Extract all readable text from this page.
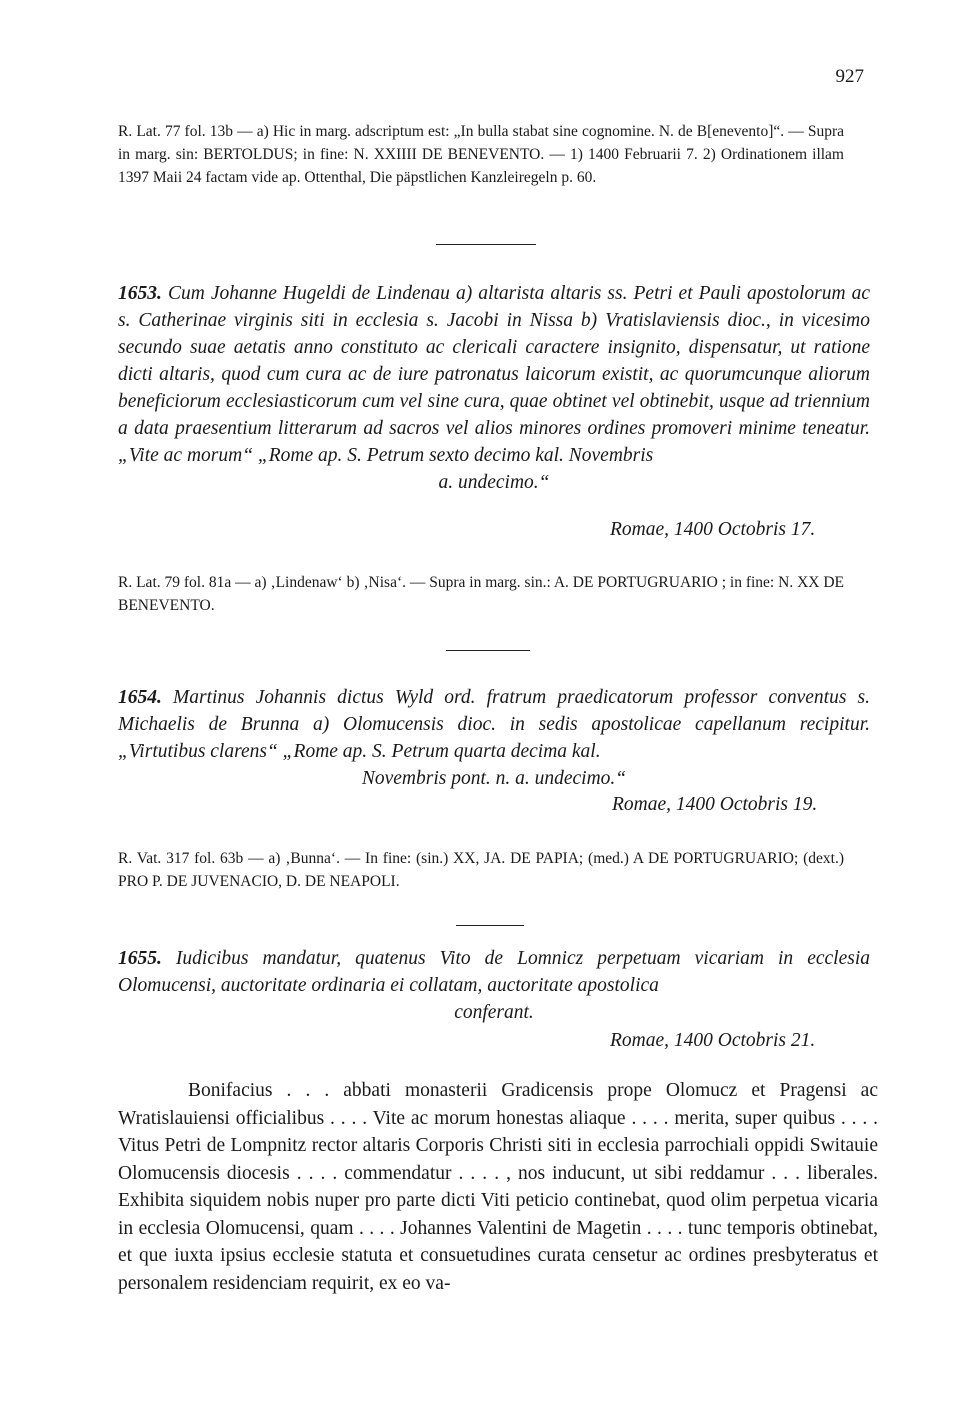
927
R. Lat. 77 fol. 13b — a) Hic in marg. adscriptum est: „In bulla stabat sine cognomine. N. de B[enevento]“. — Supra in marg. sin: BERTOLDUS; in fine: N. XXIIII DE BENEVENTO. — 1) 1400 Februarii 7. 2) Ordinationem illam 1397 Maii 24 factam vide ap. Ottenthal, Die päpstlichen Kanzleiregeln p. 60.
1653. Cum Johanne Hugeldi de Lindenau a) altarista altaris ss. Petri et Pauli apostolorum ac s. Catherinae virginis siti in ecclesia s. Jacobi in Nissa b) Vratislaviensis dioc., in vicesimo secundo suae aetatis anno constituto ac clericali caractere insignito, dispensatur, ut ratione dicti altaris, quod cum cura ac de iure patronatus laicorum existit, ac quorumcunque aliorum beneficiorum ecclesiasticorum cum vel sine cura, quae obtinet vel obtinebit, usque ad triennium a data praesentium litterarum ad sacros vel alios minores ordines promoveri minime teneatur. „Vite ac morum“ „Rome ap. S. Petrum sexto decimo kal. Novembris
a. undecimo.“
Romae, 1400 Octobris 17.
R. Lat. 79 fol. 81a — a) ‚Lindenaw‘ b) ‚Nisa‘. — Supra in marg. sin.: A. DE PORTUGRUARIO ; in fine: N. XX DE BENEVENTO.
1654. Martinus Johannis dictus Wyld ord. fratrum praedicatorum professor conventus s. Michaelis de Brunna a) Olomucensis dioc. in sedis apostolicae capellanum recipitur. „Virtutibus clarens“ „Rome ap. S. Petrum quarta decima kal.
Novembris pont. n. a. undecimo.“
Romae, 1400 Octobris 19.
R. Vat. 317 fol. 63b — a) ‚Bunna‘. — In fine: (sin.) XX, JA. DE PAPIA; (med.) A DE PORTUGRUARIO; (dext.) PRO P. DE JUVENACIO, D. DE NEAPOLI.
1655. Iudicibus mandatur, quatenus Vito de Lomnicz perpetuam vicariam in ecclesia Olomucensi, auctoritate ordinaria ei collatam, auctoritate apostolica
conferant.
Romae, 1400 Octobris 21.
Bonifacius . . . abbati monasterii Gradicensis prope Olomucz et Pragensi ac Wratislauiensi officialibus . . . . Vite ac morum honestas aliaque . . . . merita, super quibus . . . . Vitus Petri de Lompnitz rector altaris Corporis Christi siti in ecclesia parrochiali oppidi Switauie Olomucensis diocesis . . . . commendatur . . . . , nos inducunt, ut sibi reddamur . . . liberales. Exhibita siquidem nobis nuper pro parte dicti Viti peticio continebat, quod olim perpetua vicaria in ecclesia Olomucensi, quam . . . . Johannes Valentini de Magetin . . . . tunc temporis obtinebat, et que iuxta ipsius ecclesie statuta et consuetudines curata censetur ac ordines presbyteratus et personalem residenciam requirit, ex eo va-
